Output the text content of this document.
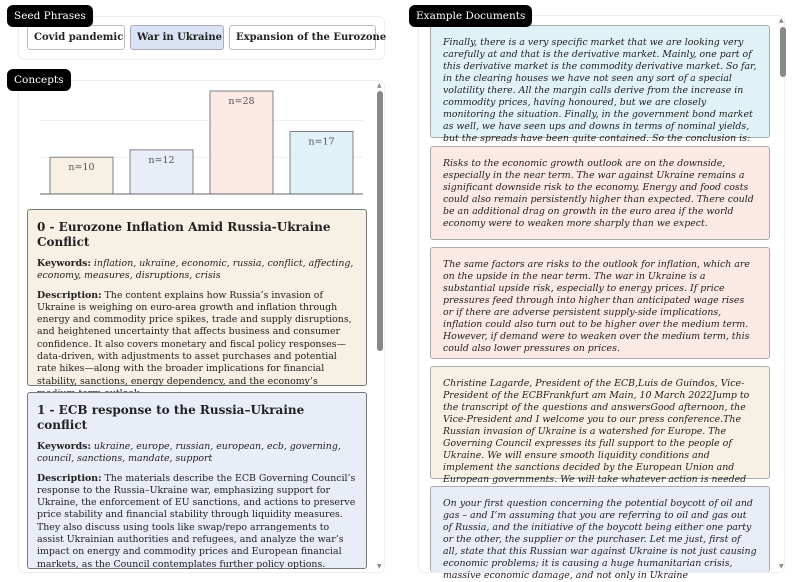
Seed Phrases
Covid pandemic	War in Ukraine	Expansion of the Eurozone
Concepts
n=10
n=12
n=28
n=17
▲
▼
0 - Eurozone Inflation Amid Russia-Ukraine Conflict

Keywords: inflation, ukraine, economic, russia, conflict, affecting, economy, measures, disruptions, crisis

Description: The content explains how Russia’s invasion of Ukraine is weighing on euro-area growth and inflation through energy and commodity price spikes, trade and supply disruptions, and heightened uncertainty that affects business and consumer confidence. It also covers monetary and fiscal policy responses—data-driven, with adjustments to asset purchases and potential rate hikes—along with the broader implications for financial stability, sanctions, energy dependency, and the economy’s

1 - ECB response to the Russia–Ukraine conflict

Keywords: ukraine, europe, russian, european, ecb, governing, council, sanctions, mandate, support

Description: The materials describe the ECB Governing Council’s response to the Russia–Ukraine war, emphasizing support for Ukraine, the enforcement of EU sanctions, and actions to preserve price stability and financial stability through liquidity measures. They also discuss using tools like swap/repo arrangements to assist Ukrainian authorities and refugees, and analyze the war’s impact on energy and commodity prices and European financial markets, as the Council contemplates further policy options.

Example Documents
Finally, there is a very specific market that we are looking very carefully at and that is the derivative market. Mainly, one part of this derivative market is the commodity derivative market. So far, in the clearing houses we have not seen any sort of a special volatility there. All the margin calls derive from the increase in commodity prices, having honoured, but we are closely monitoring the situation. Finally, in the government bond market as well, we have seen ups and downs in terms of nominal yields, but the spreads have been quite contained. So the conclusion is:
Risks to the economic growth outlook are on the downside, especially in the near term. The war against Ukraine remains a significant downside risk to the economy. Energy and food costs could also remain persistently higher than expected. There could be an additional drag on growth in the euro area if the world economy were to weaken more sharply than we expect.
The same factors are risks to the outlook for inflation, which are on the upside in the near term. The war in Ukraine is a substantial upside risk, especially to energy prices. If price pressures feed through into higher than anticipated wage rises or if there are adverse persistent supply-side implications, inflation could also turn out to be higher over the medium term. However, if demand were to weaken over the medium term, this could also lower pressures on prices.
Christine Lagarde, President of the ECB,Luis de Guindos, Vice-President of the ECBFrankfurt am Main, 10 March 2022Jump to the transcript of the questions and answersGood afternoon, the Vice-President and I welcome you to our press conference.The Russian invasion of Ukraine is a watershed for Europe. The Governing Council expresses its full support to the people of Ukraine. We will ensure smooth liquidity conditions and implement the sanctions decided by the European Union and European governments. We will take whatever action is needed
On your first question concerning the potential boycott of oil and gas – and I’m assuming that you are referring to oil and gas out of Russia, and the initiative of the boycott being either one party or the other, the supplier or the purchaser. Let me just, first of all, state that this Russian war against Ukraine is not just causing economic problems; it is causing a huge humanitarian crisis, massive economic damage, and not only in Ukraine
▲
▼
